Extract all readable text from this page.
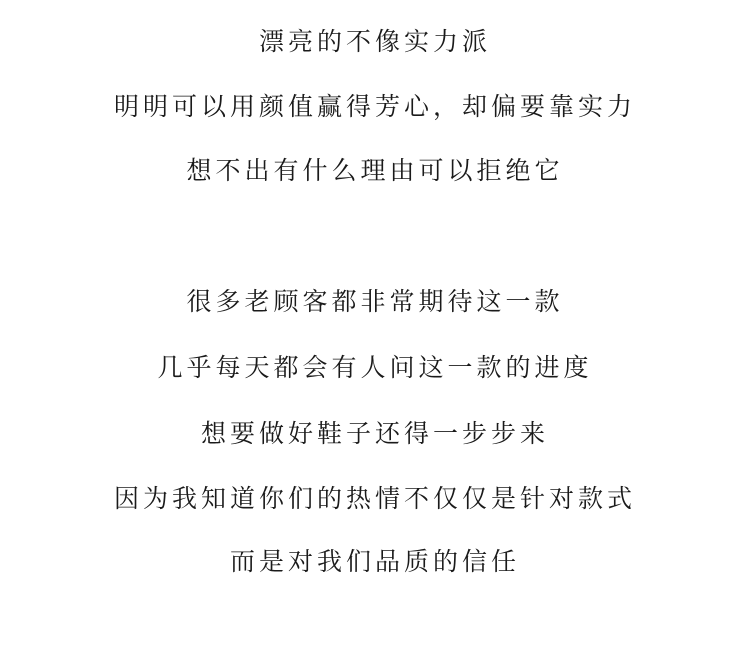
漂亮的不像实力派
明明可以用颜值赢得芳心，却偏要靠实力
想不出有什么理由可以拒绝它
很多老顾客都非常期待这一款
几乎每天都会有人问这一款的进度
想要做好鞋子还得一步步来
因为我知道你们的热情不仅仅是针对款式
而是对我们品质的信任
